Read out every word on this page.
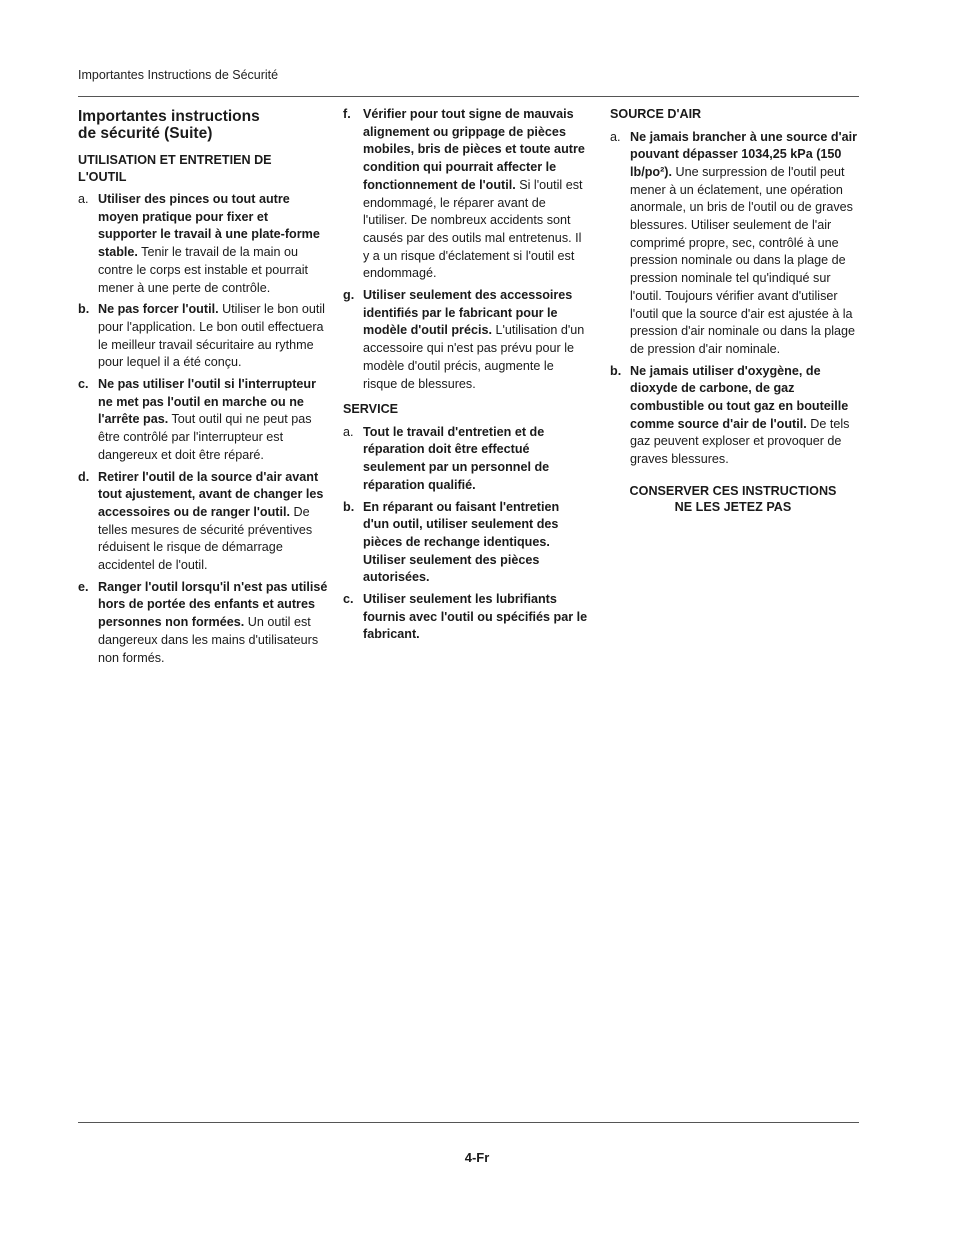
Importantes Instructions de Sécurité
Importantes instructions
de sécurité (Suite)
UTILISATION ET ENTRETIEN DE
L'OUTIL
a. Utiliser des pinces ou tout autre moyen pratique pour fixer et supporter le travail à une plate-forme stable. Tenir le travail de la main ou contre le corps est instable et pourrait mener à une perte de contrôle.
b. Ne pas forcer l'outil. Utiliser le bon outil pour l'application. Le bon outil effectuera le meilleur travail sécuritaire au rythme pour lequel il a été conçu.
c. Ne pas utiliser l'outil si l'interrupteur ne met pas l'outil en marche ou ne l'arrête pas. Tout outil qui ne peut pas être contrôlé par l'interrupteur est dangereux et doit être réparé.
d. Retirer l'outil de la source d'air avant tout ajustement, avant de changer les accessoires ou de ranger l'outil. De telles mesures de sécurité préventives réduisent le risque de démarrage accidentel de l'outil.
e. Ranger l'outil lorsqu'il n'est pas utilisé hors de portée des enfants et autres personnes non formées. Un outil est dangereux dans les mains d'utilisateurs non formés.
f. Vérifier pour tout signe de mauvais alignement ou grippage de pièces mobiles, bris de pièces et toute autre condition qui pourrait affecter le fonctionnement de l'outil. Si l'outil est endommagé, le réparer avant de l'utiliser. De nombreux accidents sont causés par des outils mal entretenus. Il y a un risque d'éclatement si l'outil est endommagé.
g. Utiliser seulement des accessoires identifiés par le fabricant pour le modèle d'outil précis. L'utilisation d'un accessoire qui n'est pas prévu pour le modèle d'outil précis, augmente le risque de blessures.
SERVICE
a. Tout le travail d'entretien et de réparation doit être effectué seulement par un personnel de réparation qualifié.
b. En réparant ou faisant l'entretien d'un outil, utiliser seulement des pièces de rechange identiques. Utiliser seulement des pièces autorisées.
c. Utiliser seulement les lubrifiants fournis avec l'outil ou spécifiés par le fabricant.
SOURCE D'AIR
a. Ne jamais brancher à une source d'air pouvant dépasser 1034,25 kPa (150 lb/po²). Une surpression de l'outil peut mener à un éclatement, une opération anormale, un bris de l'outil ou de graves blessures. Utiliser seulement de l'air comprimé propre, sec, contrôlé à une pression nominale ou dans la plage de pression nominale tel qu'indiqué sur l'outil. Toujours vérifier avant d'utiliser l'outil que la source d'air est ajustée à la pression d'air nominale ou dans la plage de pression d'air nominale.
b. Ne jamais utiliser d'oxygène, de dioxyde de carbone, de gaz combustible ou tout gaz en bouteille comme source d'air de l'outil. De tels gaz peuvent exploser et provoquer de graves blessures.
CONSERVER CES INSTRUCTIONS
NE LES JETEZ PAS
4-Fr
